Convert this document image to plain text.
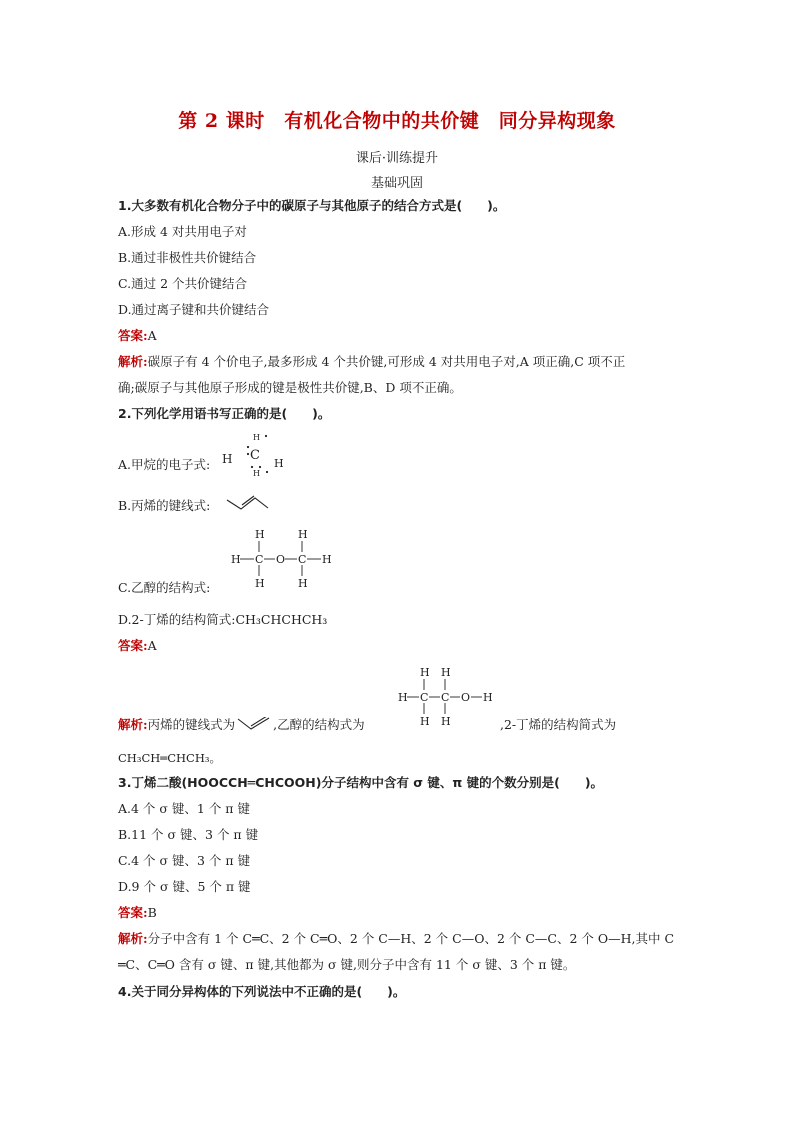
第 2 课时　有机化合物中的共价键　同分异构现象
课后·训练提升
基础巩固
1.大多数有机化合物分子中的碳原子与其他原子的结合方式是(　　)。
A.形成 4 对共用电子对
B.通过非极性共价键结合
C.通过 2 个共价键结合
D.通过离子键和共价键结合
答案:A
解析:碳原子有 4 个价电子,最多形成 4 个共价键,可形成 4 对共用电子对,A 项正确,C 项不正
确;碳原子与其他原子形成的键是极性共价键,B、D 项不正确。
2.下列化学用语书写正确的是(　　)。
A.甲烷的电子式:
H
H C
H
H
B.丙烯的键线式:
H	H
H C O C H
H	H
C.乙醇的结构式:
D.2-丁烯的结构简式:CH₃CHCHCH₃
答案:A
H H
H C C O H
H H
解析:丙烯的键线式为	,乙醇的结构式为	,2-丁烯的结构简式为
CH₃CH═CHCH₃。
3.丁烯二酸(HOOCCH═CHCOOH)分子结构中含有 σ 键、π 键的个数分别是(　　)。
A.4 个 σ 键、1 个 π 键
B.11 个 σ 键、3 个 π 键
C.4 个 σ 键、3 个 π 键
D.9 个 σ 键、5 个 π 键
答案:B
解析:分子中含有 1 个 C═C、2 个 C═O、2 个 C—H、2 个 C—O、2 个 C—C、2 个 O—H,其中 C
═C、C═O 含有 σ 键、π 键,其他都为 σ 键,则分子中含有 11 个 σ 键、3 个 π 键。
4.关于同分异构体的下列说法中不正确的是(　　)。
